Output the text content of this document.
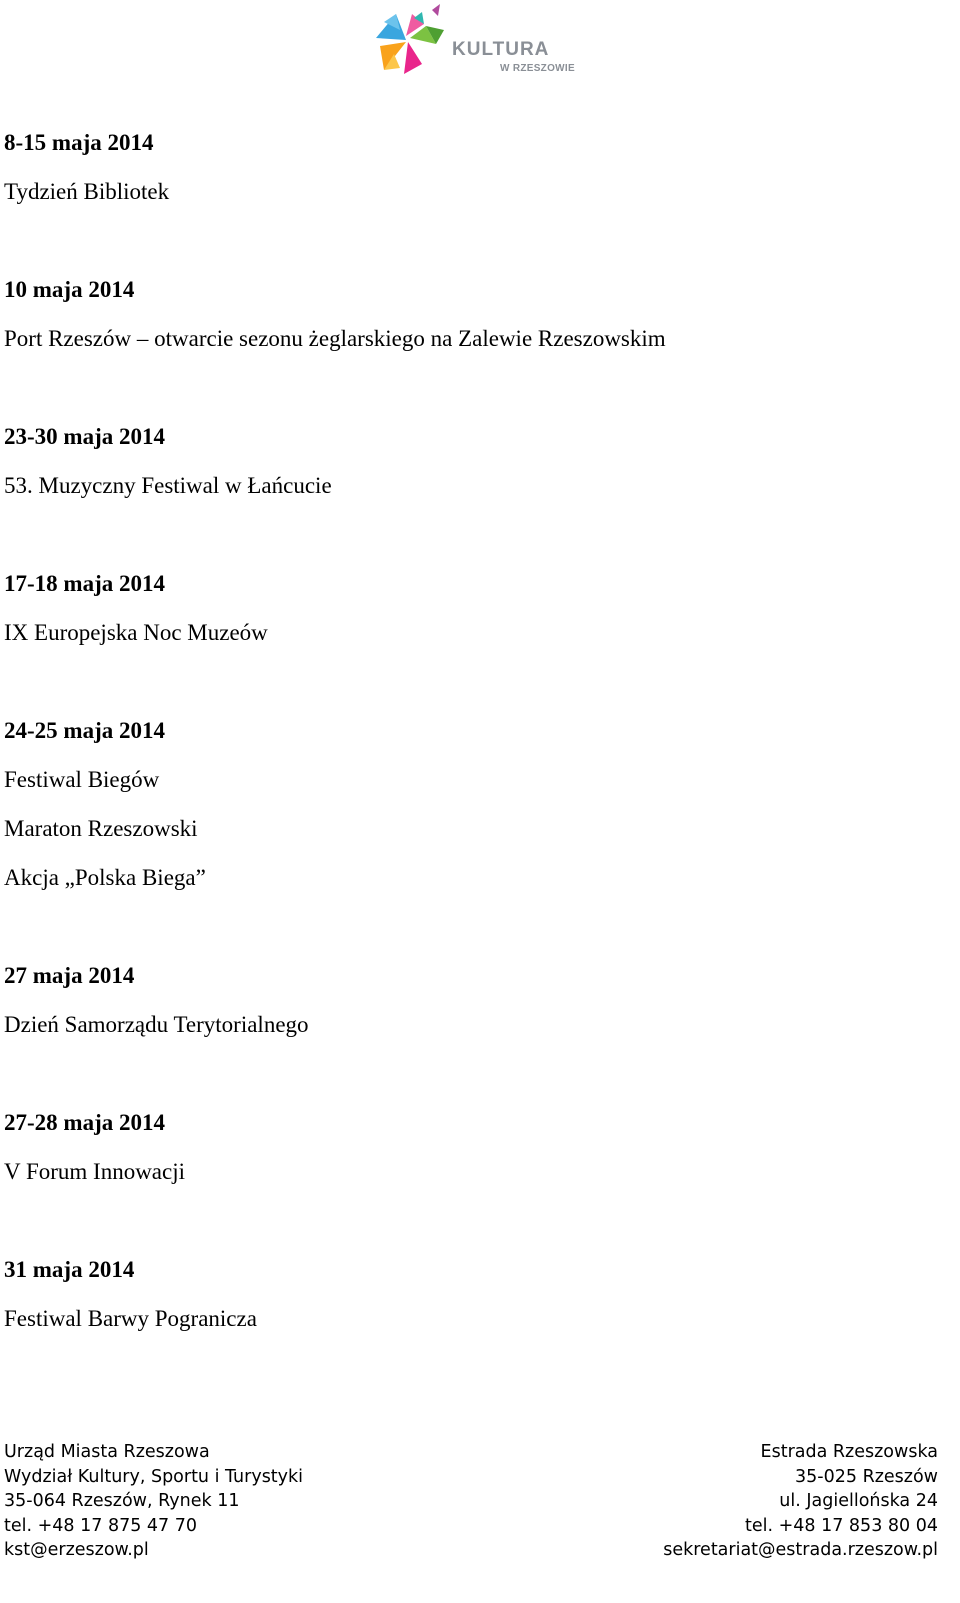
KULTURA
W RZESZOWIE
8-15 maja 2014
Tydzień Bibliotek
10 maja 2014
Port Rzeszów – otwarcie sezonu żeglarskiego na Zalewie Rzeszowskim
23-30 maja 2014
53. Muzyczny Festiwal w Łańcucie
17-18 maja 2014
IX Europejska Noc Muzeów
24-25 maja 2014
Festiwal Biegów
Maraton Rzeszowski
Akcja „Polska Biega”
27 maja 2014
Dzień Samorządu Terytorialnego
27-28 maja 2014
V Forum Innowacji
31 maja 2014
Festiwal Barwy Pogranicza
Urząd Miasta Rzeszowa
Wydział Kultury, Sportu i Turystyki
35-064 Rzeszów, Rynek 11
tel. +48 17 875 47 70
kst@erzeszow.pl
Estrada Rzeszowska
35-025 Rzeszów
ul. Jagiellońska 24
tel. +48 17 853 80 04
sekretariat@estrada.rzeszow.pl
